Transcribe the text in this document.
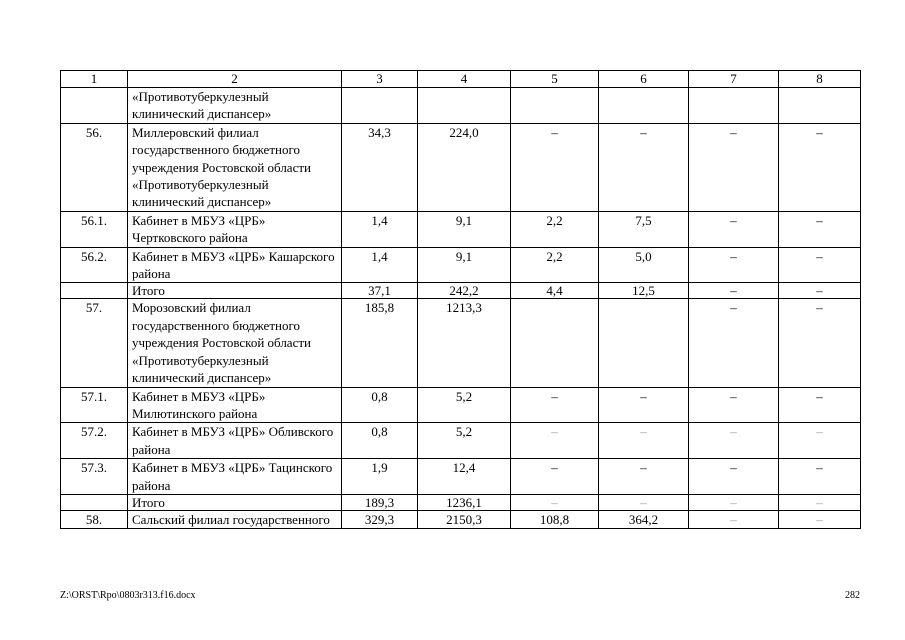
1	2	3	4	5	6	7	8
	«Противотуберкулезный клинический диспансер»						
56.	Миллеровский филиал государственного бюджетного учреждения Ростовской области «Противотуберкулезный клинический диспансер»	34,3	224,0	–	–	–	–
56.1.	Кабинет в МБУЗ «ЦРБ» Чертковского района	1,4	9,1	2,2	7,5	–	–
56.2.	Кабинет в МБУЗ «ЦРБ» Кашарского района	1,4	9,1	2,2	5,0	–	–
	Итого	37,1	242,2	4,4	12,5	–	–
57.	Морозовский филиал государственного бюджетного учреждения Ростовской области «Противотуберкулезный клинический диспансер»	185,8	1213,3			–	–
57.1.	Кабинет в МБУЗ «ЦРБ» Милютинского района	0,8	5,2	–	–	–	–
57.2.	Кабинет в МБУЗ «ЦРБ» Обливского района	0,8	5,2	–	–	–	–
57.3.	Кабинет в МБУЗ «ЦРБ» Тацинского района	1,9	12,4	–	–	–	–
	Итого	189,3	1236,1	–	–	–	–
58.	Сальский филиал государственного	329,3	2150,3	108,8	364,2	–	–
Z:\ORST\Rpo\0803r313.f16.docx	282
